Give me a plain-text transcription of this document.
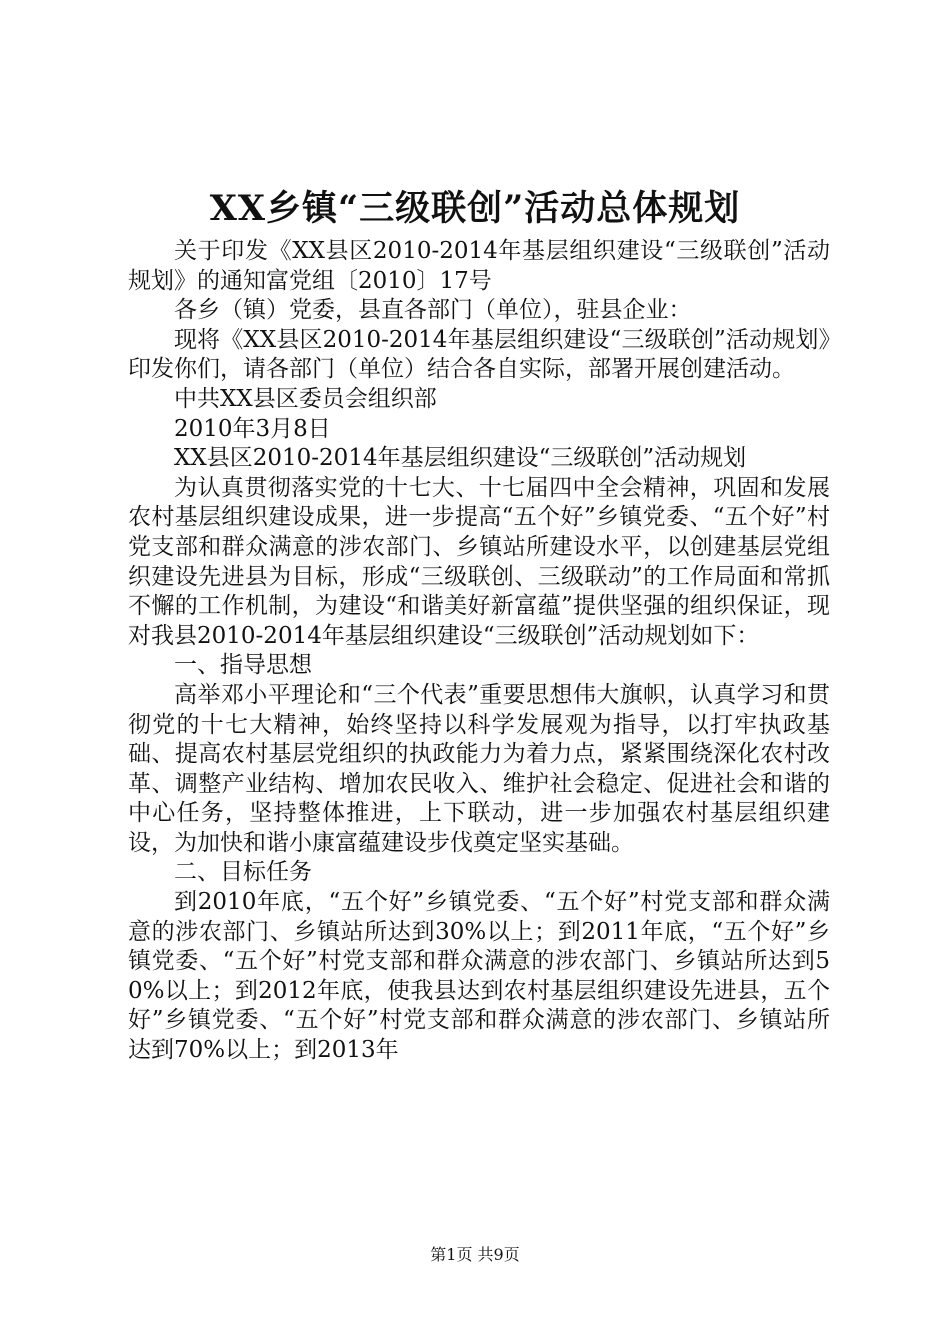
XX乡镇“三级联创”活动总体规划

关于印发《XX县区2010-2014年基层组织建设“三级联创”活动规划》的通知富党组〔2010〕17号

各乡（镇）党委，县直各部门（单位），驻县企业：

现将《XX县区2010-2014年基层组织建设“三级联创”活动规划》印发你们，请各部门（单位）结合各自实际，部署开展创建活动。

中共XX县区委员会组织部

2010年3月8日

XX县区2010-2014年基层组织建设“三级联创”活动规划

为认真贯彻落实党的十七大、十七届四中全会精神，巩固和发展农村基层组织建设成果，进一步提高“五个好”乡镇党委、“五个好”村党支部和群众满意的涉农部门、乡镇站所建设水平，以创建基层党组织建设先进县为目标，形成“三级联创、三级联动”的工作局面和常抓不懈的工作机制，为建设“和谐美好新富蕴”提供坚强的组织保证，现对我县2010-2014年基层组织建设“三级联创”活动规划如下：

一、指导思想

高举邓小平理论和“三个代表”重要思想伟大旗帜，认真学习和贯彻党的十七大精神，始终坚持以科学发展观为指导，以打牢执政基础、提高农村基层党组织的执政能力为着力点，紧紧围绕深化农村改革、调整产业结构、增加农民收入、维护社会稳定、促进社会和谐的中心任务，坚持整体推进，上下联动，进一步加强农村基层组织建设，为加快和谐小康富蕴建设步伐奠定坚实基础。

二、目标任务

到2010年底，“五个好”乡镇党委、“五个好”村党支部和群众满意的涉农部门、乡镇站所达到30%以上；到2011年底，“五个好”乡镇党委、“五个好”村党支部和群众满意的涉农部门、乡镇站所达到50%以上；到2012年底，使我县达到农村基层组织建设先进县，五个好”乡镇党委、“五个好”村党支部和群众满意的涉农部门、乡镇站所达到70%以上；到2013年

第1页 共9页
